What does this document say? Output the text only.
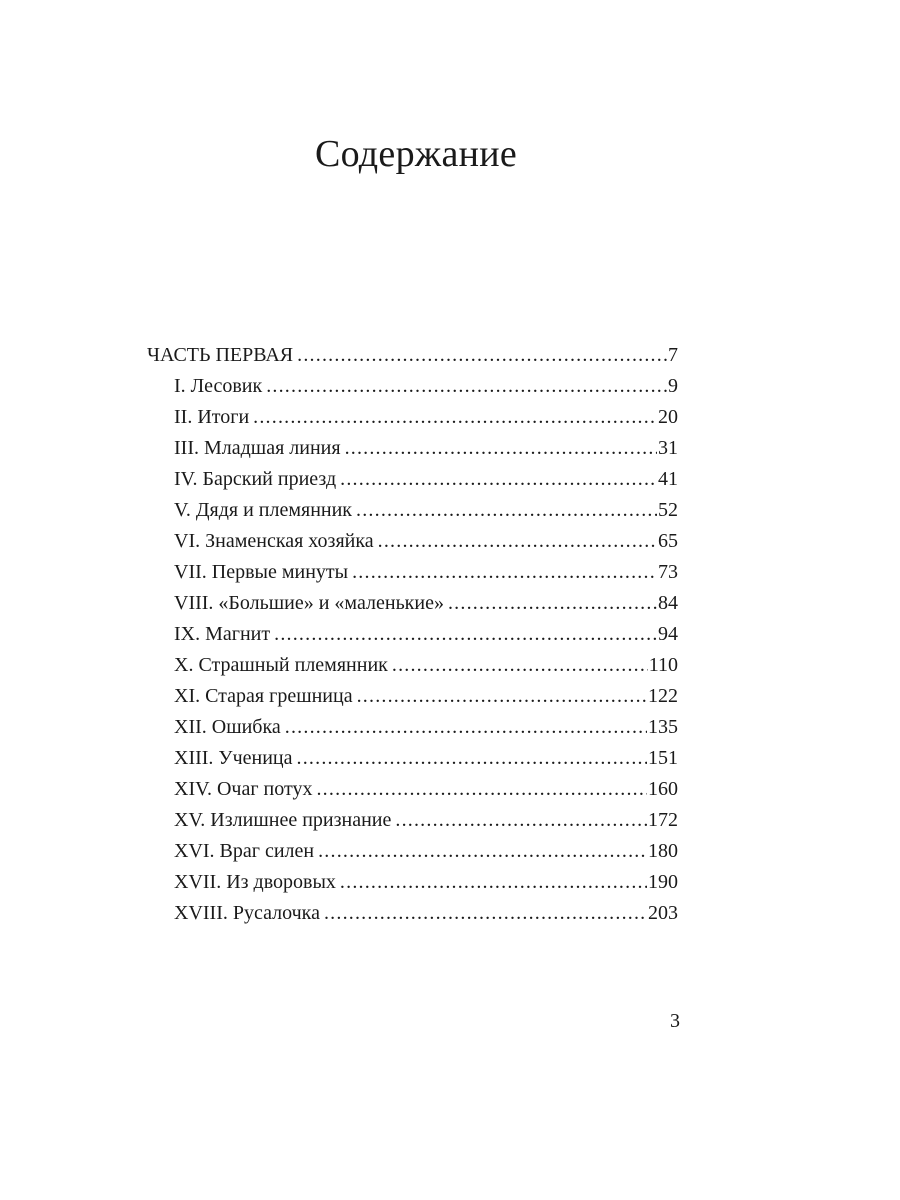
Содержание
ЧАСТЬ ПЕРВАЯ .....	7
I. Лесовик .....	9
II. Итоги .....	20
III. Младшая линия .....	31
IV. Барский приезд .....	41
V. Дядя и племянник .....	52
VI. Знаменская хозяйка .....	65
VII. Первые минуты .....	73
VIII. «Большие» и «маленькие» .....	84
IX. Магнит .....	94
X. Страшный племянник .....	110
XI. Старая грешница .....	122
XII. Ошибка .....	135
XIII. Ученица .....	151
XIV. Очаг потух .....	160
XV. Излишнее признание .....	172
XVI. Враг силен .....	180
XVII. Из дворовых .....	190
XVIII. Русалочка .....	203
3
